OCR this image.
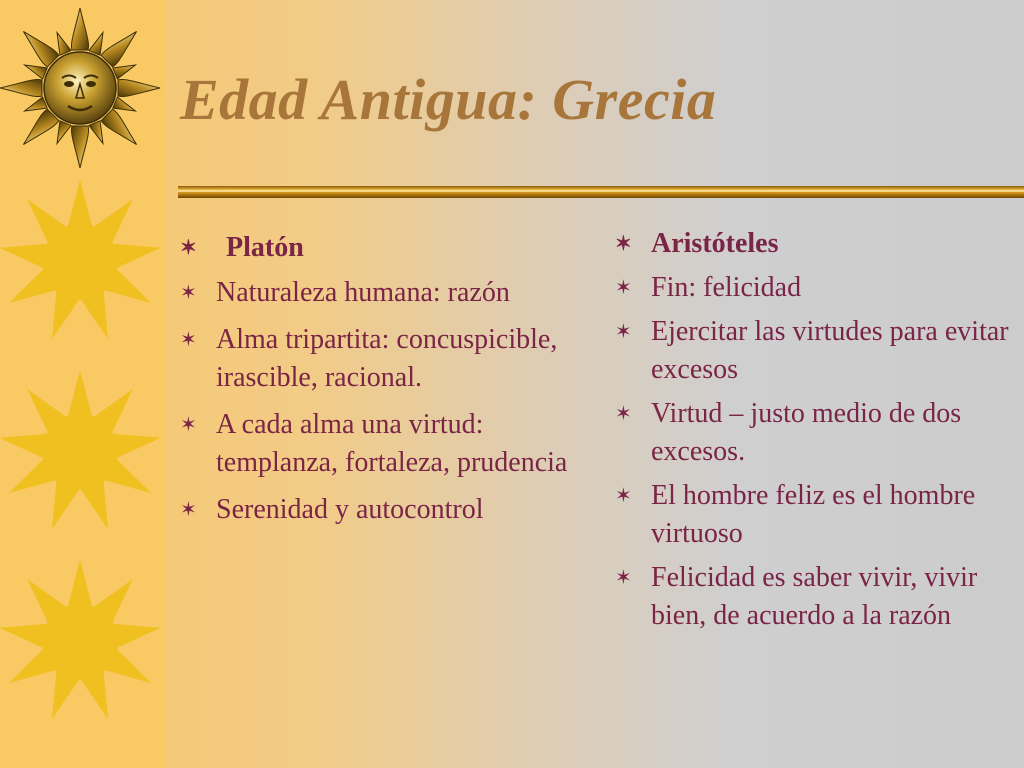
Edad Antigua: Grecia
✶ Platón
✶ Naturaleza humana: razón
✶ Alma tripartita: concuspicible, irascible, racional.
✶ A cada alma una virtud: templanza, fortaleza, prudencia
✶ Serenidad y autocontrol
✶ Aristóteles
✶ Fin: felicidad
✶ Ejercitar las virtudes para evitar excesos
✶ Virtud – justo medio de dos excesos.
✶ El hombre feliz es el hombre virtuoso
✶ Felicidad es saber vivir, vivir bien, de acuerdo a la razón
